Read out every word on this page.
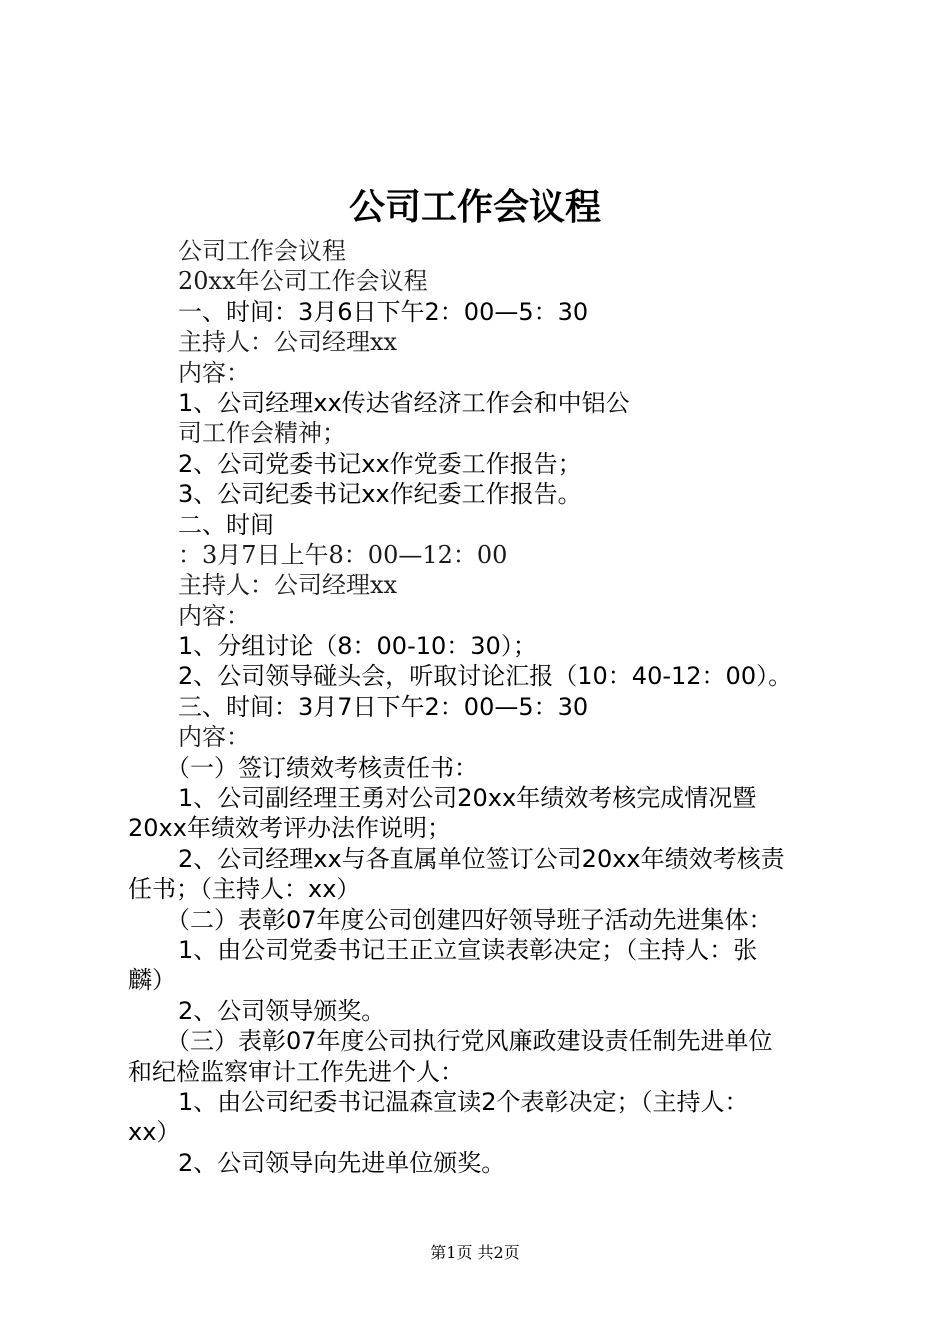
公司工作会议程
公司工作会议程
20xx年公司工作会议程
一、时间：3月6日下午2：00—5：30
主持人：公司经理xx
内容：
1、公司经理xx传达省经济工作会和中铝公
司工作会精神；
2、公司党委书记xx作党委工作报告；
3、公司纪委书记xx作纪委工作报告。
二、时间
：3月7日上午8：00—12：00
主持人：公司经理xx
内容：
1、分组讨论（8：00-10：30）；
2、公司领导碰头会，听取讨论汇报（10：40-12：00）。
三、时间：3月7日下午2：00—5：30
内容：
（一）签订绩效考核责任书：
1、公司副经理王勇对公司20xx年绩效考核完成情况暨
20xx年绩效考评办法作说明；
2、公司经理xx与各直属单位签订公司20xx年绩效考核责
任书；（主持人：xx）
（二）表彰07年度公司创建四好领导班子活动先进集体：
1、由公司党委书记王正立宣读表彰决定；（主持人：张
麟）
2、公司领导颁奖。
（三）表彰07年度公司执行党风廉政建设责任制先进单位
和纪检监察审计工作先进个人：
1、由公司纪委书记温森宣读2个表彰决定；（主持人：
xx）
2、公司领导向先进单位颁奖。
第1页 共2页
